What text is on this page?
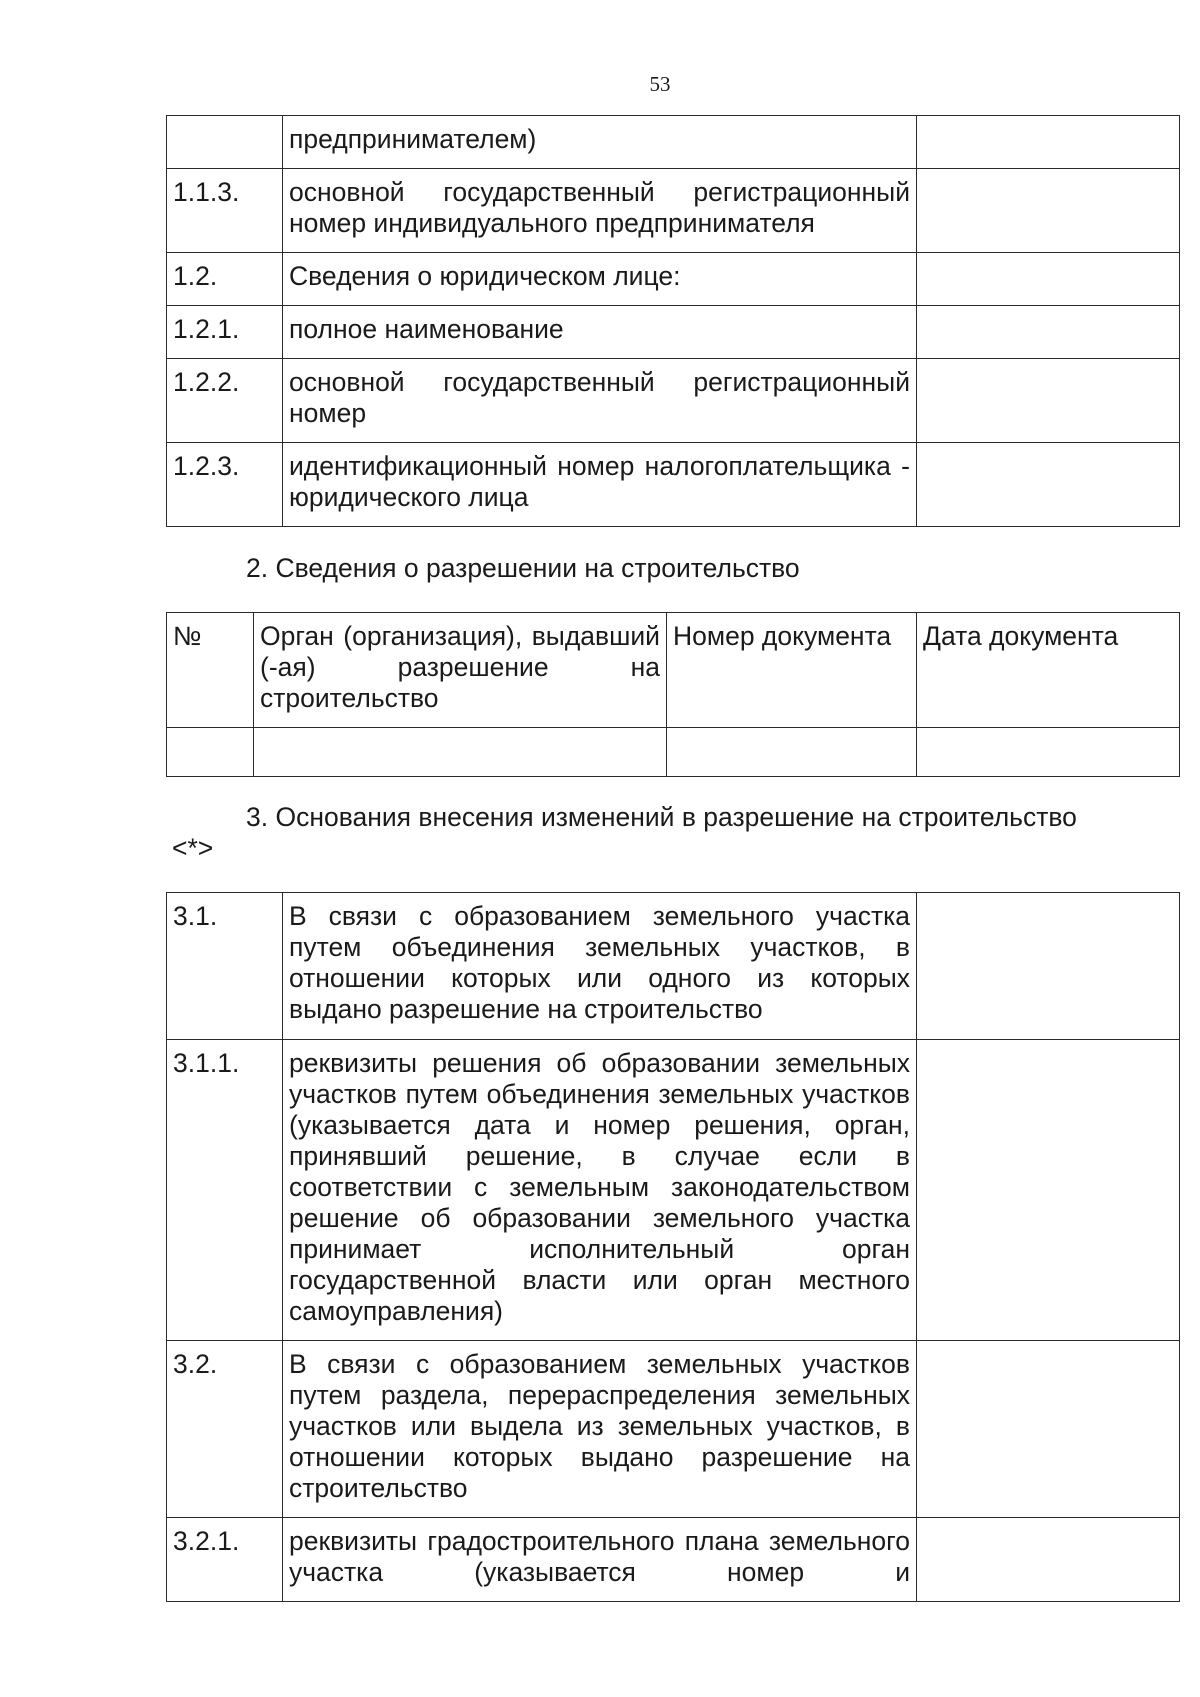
53
	предпринимателем)	
1.1.3.	основной государственный регистрационный номер индивидуального предпринимателя	
1.2.	Сведения о юридическом лице:	
1.2.1.	полное наименование	
1.2.2.	основной государственный регистрационный номер	
1.2.3.	идентификационный номер налогоплательщика - юридического лица	
2. Сведения о разрешении на строительство
№	Орган (организация), выдавший (-ая) разрешение на строительство	Номер документа	Дата документа

3. Основания внесения изменений в разрешение на строительство
<*>
3.1.	В связи с образованием земельного участка путем объединения земельных участков, в отношении которых или одного из которых выдано разрешение на строительство	
3.1.1.	реквизиты решения об образовании земельных участков путем объединения земельных участков (указывается дата и номер решения, орган, принявший решение, в случае если в соответствии с земельным законодательством решение об образовании земельного участка принимает исполнительный орган государственной власти или орган местного самоуправления)	
3.2.	В связи с образованием земельных участков путем раздела, перераспределения земельных участков или выдела из земельных участков, в отношении которых выдано разрешение на строительство	
3.2.1.	реквизиты градостроительного плана земельного участка (указывается номер и	
